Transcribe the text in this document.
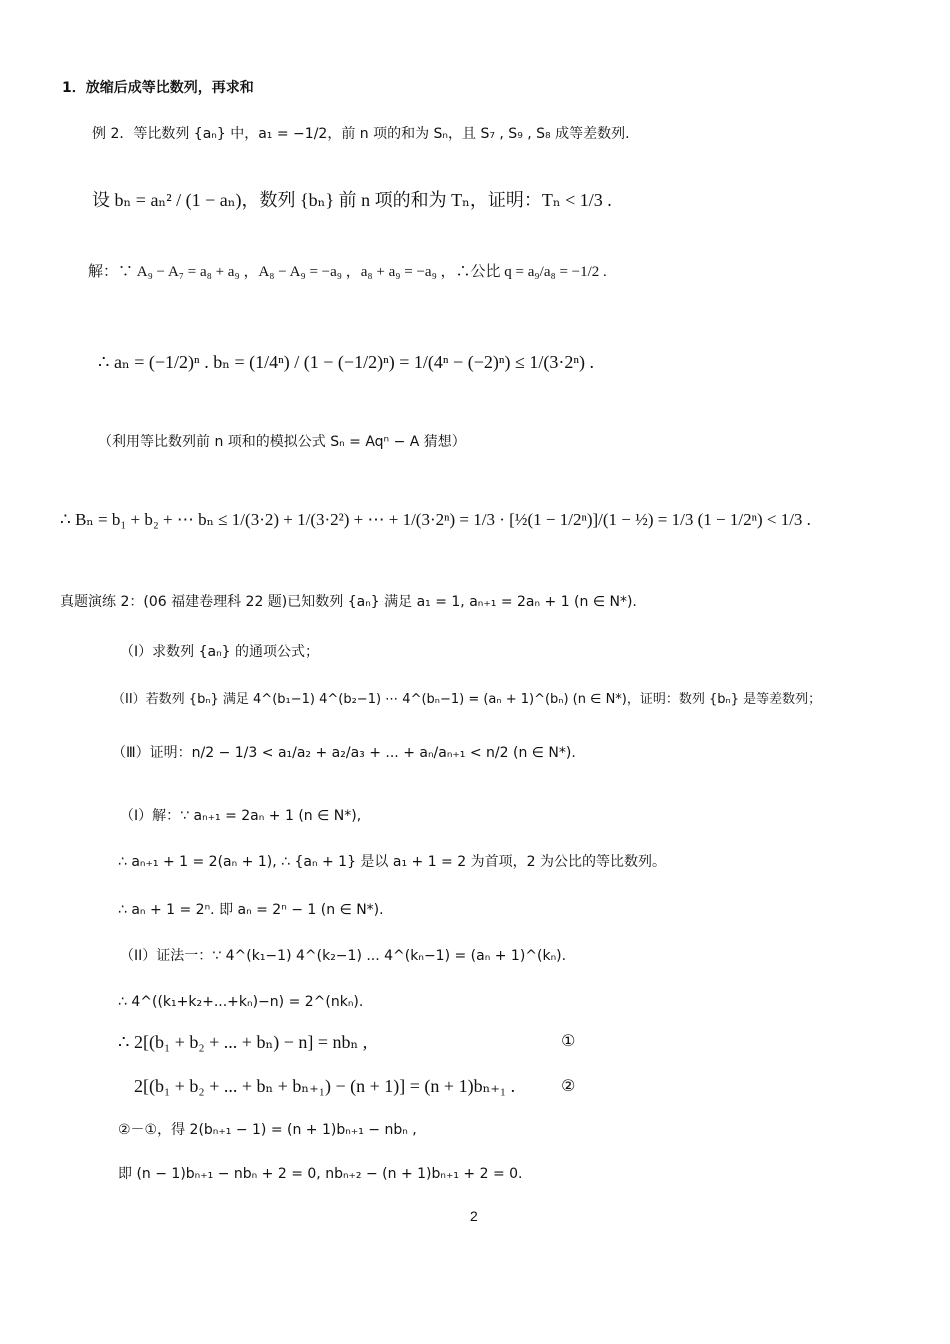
1．放缩后成等比数列，再求和
例 2．等比数列 {aₙ} 中，a₁ = −1/2，前 n 项的和为 Sₙ，且 S₇ , S₉ , S₈ 成等差数列.
设 bₙ = aₙ² / (1 − aₙ)，数列 {bₙ} 前 n 项的和为 Tₙ，证明：Tₙ < 1/3 .
解：∵ A₉ − A₇ = a₈ + a₉ ，A₈ − A₉ = −a₉ ，a₈ + a₉ = −a₉ ，∴公比 q = a₉/a₈ = −1/2 .
∴ aₙ = (−1/2)ⁿ . bₙ = (1/4ⁿ) / (1 − (−1/2)ⁿ) = 1/(4ⁿ − (−2)ⁿ) ≤ 1/(3·2ⁿ) .
（利用等比数列前 n 项和的模拟公式 Sₙ = Aqⁿ − A 猜想）
∴ Bₙ = b₁ + b₂ + ⋯ bₙ ≤ 1/(3·2) + 1/(3·2²) + ⋯ + 1/(3·2ⁿ) = 1/3 · [½(1 − 1/2ⁿ)]/(1 − ½) = 1/3 (1 − 1/2ⁿ) < 1/3 .
真题演练 2：(06 福建卷理科 22 题)已知数列 {aₙ} 满足 a₁ = 1, aₙ₊₁ = 2aₙ + 1 (n ∈ N*).
（I）求数列 {aₙ} 的通项公式；
（II）若数列 {bₙ} 满足 4^(b₁−1) 4^(b₂−1) ⋯ 4^(bₙ−1) = (aₙ + 1)^(bₙ) (n ∈ N*)，证明：数列 {bₙ} 是等差数列；
（Ⅲ）证明：n/2 − 1/3 < a₁/a₂ + a₂/a₃ + ... + aₙ/aₙ₊₁ < n/2 (n ∈ N*).
（I）解：∵ aₙ₊₁ = 2aₙ + 1 (n ∈ N*),
∴ aₙ₊₁ + 1 = 2(aₙ + 1), ∴ {aₙ + 1} 是以 a₁ + 1 = 2 为首项，2 为公比的等比数列。
∴ aₙ + 1 = 2ⁿ. 即 aₙ = 2ⁿ − 1 (n ∈ N*).
（II）证法一：∵ 4^(k₁−1) 4^(k₂−1) ... 4^(kₙ−1) = (aₙ + 1)^(kₙ).
∴ 4^((k₁+k₂+...+kₙ)−n) = 2^(nkₙ).
∴ 2[(b₁ + b₂ + ... + bₙ) − n] = nbₙ ,	①
2[(b₁ + b₂ + ... + bₙ + bₙ₊₁) − (n + 1)] = (n + 1)bₙ₊₁ .	②
②－①，得 2(bₙ₊₁ − 1) = (n + 1)bₙ₊₁ − nbₙ ,
即 (n − 1)bₙ₊₁ − nbₙ + 2 = 0, nbₙ₊₂ − (n + 1)bₙ₊₁ + 2 = 0.
2
